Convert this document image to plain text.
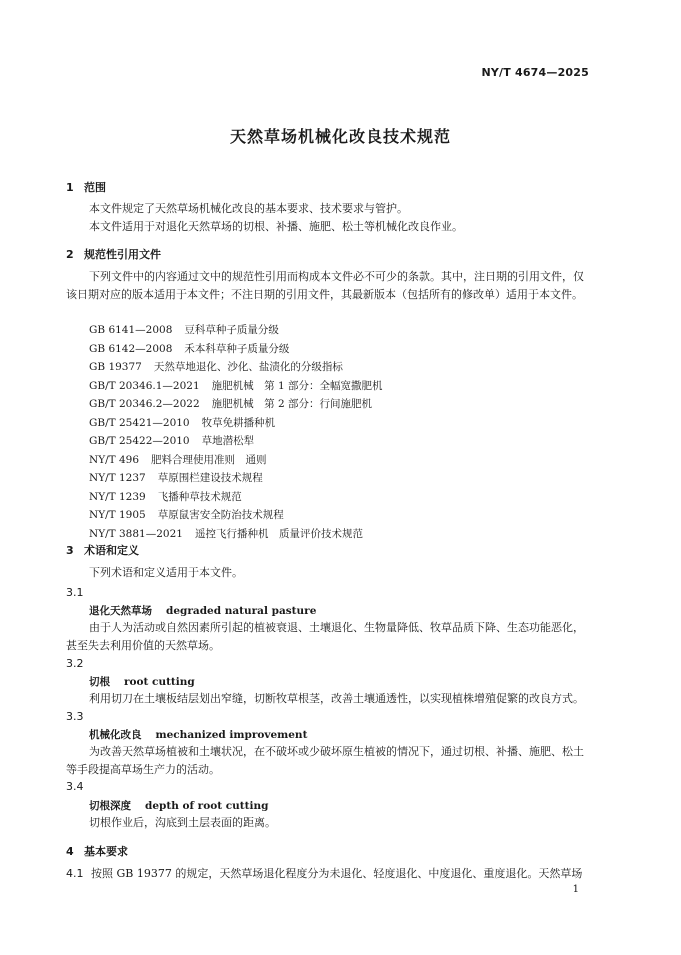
NY/T 4674—2025
天然草场机械化改良技术规范
1 范围
本文件规定了天然草场机械化改良的基本要求、技术要求与管护。
本文件适用于对退化天然草场的切根、补播、施肥、松土等机械化改良作业。
2 规范性引用文件
下列文件中的内容通过文中的规范性引用而构成本文件必不可少的条款。其中，注日期的引用文件，仅该日期对应的版本适用于本文件；不注日期的引用文件，其最新版本（包括所有的修改单）适用于本文件。
GB 6141—2008 豆科草种子质量分级
GB 6142—2008 禾本科草种子质量分级
GB 19377 天然草地退化、沙化、盐渍化的分级指标
GB/T 20346.1—2021 施肥机械　第 1 部分：全幅宽撒肥机
GB/T 20346.2—2022 施肥机械　第 2 部分：行间施肥机
GB/T 25421—2010 牧草免耕播种机
GB/T 25422—2010 草地潜松犁
NY/T 496 肥料合理使用准则　通则
NY/T 1237 草原围栏建设技术规程
NY/T 1239 飞播种草技术规范
NY/T 1905 草原鼠害安全防治技术规程
NY/T 3881—2021 遥控飞行播种机　质量评价技术规范
3 术语和定义
下列术语和定义适用于本文件。
3.1
退化天然草场 degraded natural pasture
由于人为活动或自然因素所引起的植被衰退、土壤退化、生物量降低、牧草品质下降、生态功能恶化，甚至失去利用价值的天然草场。
3.2
切根 root cutting
利用切刀在土壤板结层划出窄缝，切断牧草根茎，改善土壤通透性，以实现植株增殖促繁的改良方式。
3.3
机械化改良 mechanized improvement
为改善天然草场植被和土壤状况，在不破坏或少破坏原生植被的情况下，通过切根、补播、施肥、松土等手段提高草场生产力的活动。
3.4
切根深度 depth of root cutting
切根作业后，沟底到土层表面的距离。
4 基本要求
4.1 按照 GB 19377 的规定，天然草场退化程度分为未退化、轻度退化、中度退化、重度退化。天然草场
1
